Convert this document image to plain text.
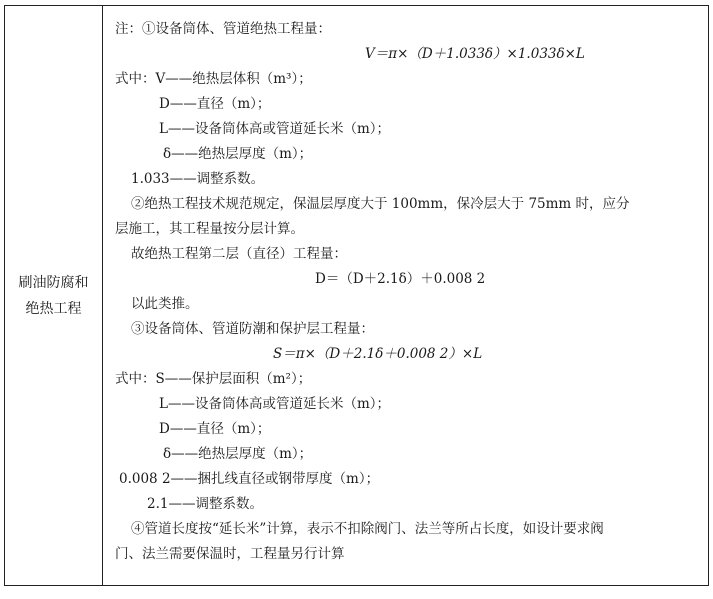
刷油防腐和
绝热工程
注：①设备筒体、管道绝热工程量：
V＝π×（D＋1.033δ）×1.033δ×L
式中：V——绝热层体积（m³）；
D——直径（m）；
L——设备筒体高或管道延长米（m）；
δ——绝热层厚度（m）；
1.033——调整系数。
②绝热工程技术规范规定，保温层厚度大于 100mm，保冷层大于 75mm 时，应分
层施工，其工程量按分层计算。
故绝热工程第二层（直径）工程量：
D＝（D＋2.1δ）＋0.008 2
以此类推。
③设备筒体、管道防潮和保护层工程量：
S＝π×（D＋2.1δ＋0.008 2）×L
式中：S——保护层面积（m²）；
L——设备筒体高或管道延长米（m）；
D——直径（m）；
δ——绝热层厚度（m）；
0.008 2——捆扎线直径或钢带厚度（m）；
2.1——调整系数。
④管道长度按“延长米”计算，表示不扣除阀门、法兰等所占长度，如设计要求阀
门、法兰需要保温时，工程量另行计算
